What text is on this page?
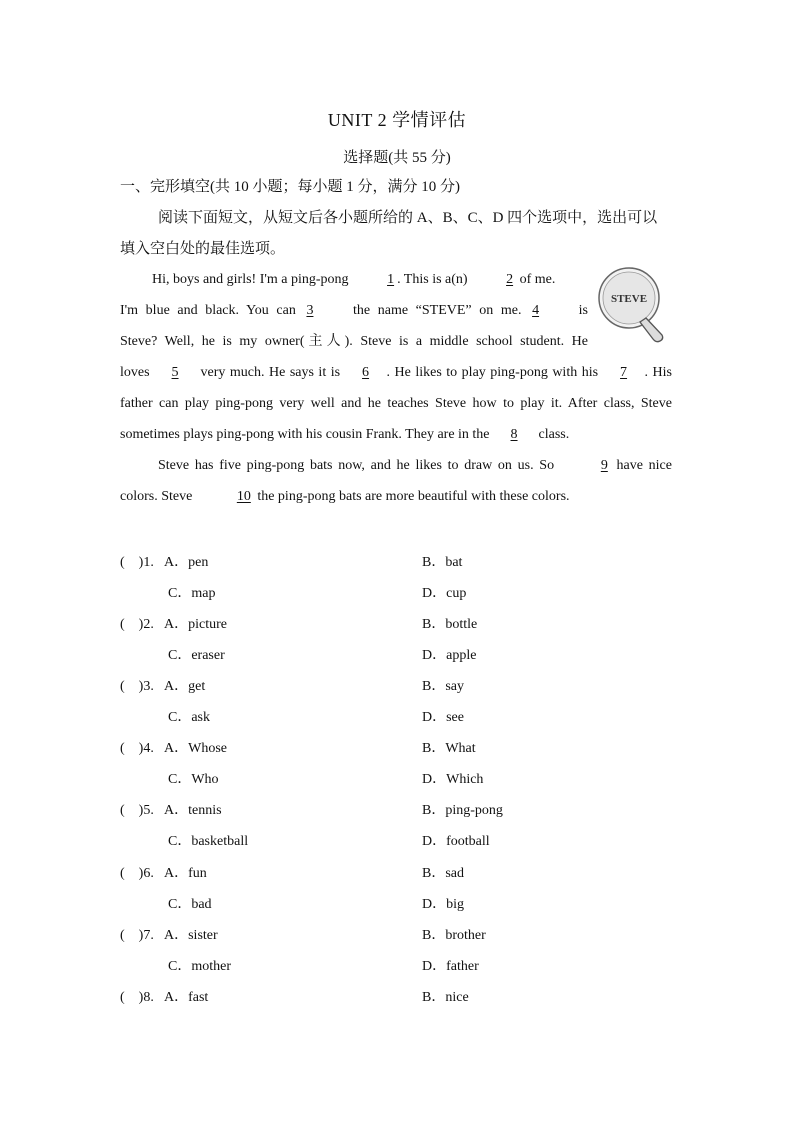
UNIT 2 学情评估
选择题(共 55 分)
一、完形填空(共 10 小题；每小题 1 分，满分 10 分)
阅读下面短文，从短文后各小题所给的 A、B、C、D 四个选项中，选出可以填入空白处的最佳选项。
STEVE

Hi, boys and girls! I'm a ping-pong	1 . This is a(n)	2 of me.

I'm blue and black. You can 3 the name “STEVE” on me. 4 is

Steve? Well, he is my owner(主人). Steve is a middle school student. He

loves 5 very much. He says it is 6 . He likes to play ping-pong with his 7 . His father can play ping-pong very well and he teaches Steve how to play it. After class, Steve sometimes plays ping-pong with his cousin Frank. They are in the 8 class.

Steve has five ping-pong bats now, and he likes to draw on us. So	9 have nice colors. Steve	10 the ping-pong bats are more beautiful with these colors.

(　)1. A．pen	B．bat
C．map	D．cup
(　)2. A．picture	B．bottle
C．eraser	D．apple
(　)3. A．get	B．say
C．ask	D．see
(　)4. A．Whose	B．What
C．Who	D．Which
(　)5. A．tennis	B．ping-pong
C．basketball	D．football
(　)6. A．fun	B．sad
C．bad	D．big
(　)7. A．sister	B．brother
C．mother	D．father
(　)8. A．fast	B．nice
